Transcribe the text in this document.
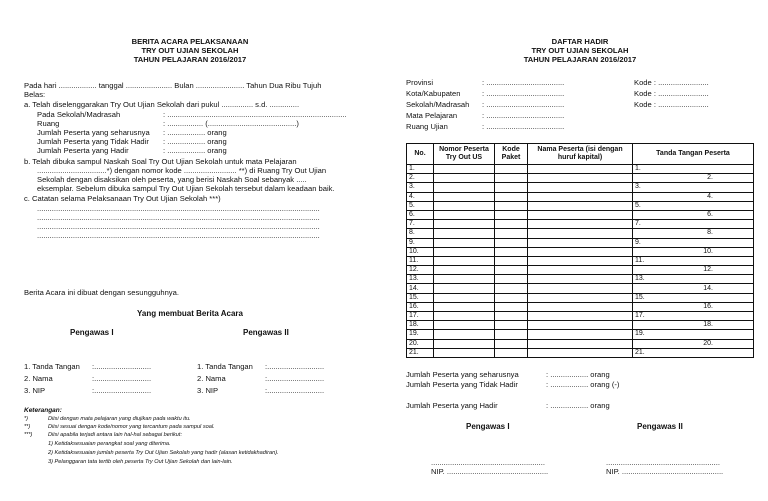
BERITA ACARA PELAKSANAAN
TRY OUT UJIAN SEKOLAH
TAHUN PELAJARAN 2016/2017
Pada hari .................. tanggal ...................... Bulan ....................... Tahun Dua Ribu Tujuh
Belas:
a. Telah diselenggarakan Try Out Ujian Sekolah dari pukul ............... s.d. ..............
Pada Sekolah/Madrasah	: .....................................................................................
Ruang	: ................. (..........................................)
Jumlah Peserta yang seharusnya : .................. orang
Jumlah Peserta yang Tidak Hadir : .................. orang
Jumlah Peserta yang Hadir	: .................. orang
b. Telah dibuka sampul Naskah Soal Try Out Ujian Sekolah untuk mata Pelajaran
.................................*) dengan nomor kode ......................... **) di Ruang Try Out Ujian
Sekolah dengan disaksikan oleh peserta, yang berisi Naskah Soal sebanyak .....
eksemplar. Sebelum dibuka sampul Try Out Ujian Sekolah tersebut dalam keadaan baik.
c. Catatan selama Pelaksanaan Try Out Ujian Sekolah ***)
......................................................................................................................................
......................................................................................................................................
......................................................................................................................................
......................................................................................................................................
Berita Acara ini dibuat dengan sesungguhnya.
Yang membuat Berita Acara
Pengawas I	Pengawas II
1. Tanda Tangan :...........................
2. Nama	:...........................
3. NIP	:...........................
1. Tanda Tangan :...........................
2. Nama	:...........................
3. NIP	:...........................
Keterangan:
*)	Diisi dengan mata pelajaran yang diujikan pada waktu itu.
**)	Diisi sesuai dengan kode/nomor yang tercantum pada sampul soal.
***)	Diisi apabila terjadi antara lain hal-hal sebagai berikut:
1) Ketidaksesuaian perangkat soal yang diterima.
2) Ketidaksesuaian jumlah peserta Try Out Ujian Sekolah yang hadir (alasan ketidakhadiran).
3) Pelanggaran tata tertib oleh peserta Try Out Ujian Sekolah dan lain-lain.
DAFTAR HADIR
TRY OUT UJIAN SEKOLAH
TAHUN PELAJARAN 2016/2017
Provinsi	: .....................................	Kode : ........................
Kota/Kabupaten	: .....................................	Kode : ........................
Sekolah/Madrasah : .....................................	Kode : ........................
Mata Pelajaran	: .....................................
Ruang Ujian	: .....................................
No.	Nomor Peserta Try Out US	Kode Paket	Nama Peserta (isi dengan huruf kapital)	Tanda Tangan Peserta
1.				1.
2.				2.
3.				3.
4.				4.
5.				5.
6.				6.
7.				7.
8.				8.
9.				9.
10.				10.
11.				11.
12.				12.
13.				13.
14.				14.
15.				15.
16.				16.
17.				17.
18.				18.
19.				19.
20.				20.
21.				21.
Jumlah Peserta yang seharusnya	: .................. orang
Jumlah Peserta yang Tidak Hadir	: .................. orang (-)
Jumlah Peserta yang Hadir	: .................. orang
Pengawas I	Pengawas II
......................................................	......................................................
NIP. ................................................	NIP. ................................................
